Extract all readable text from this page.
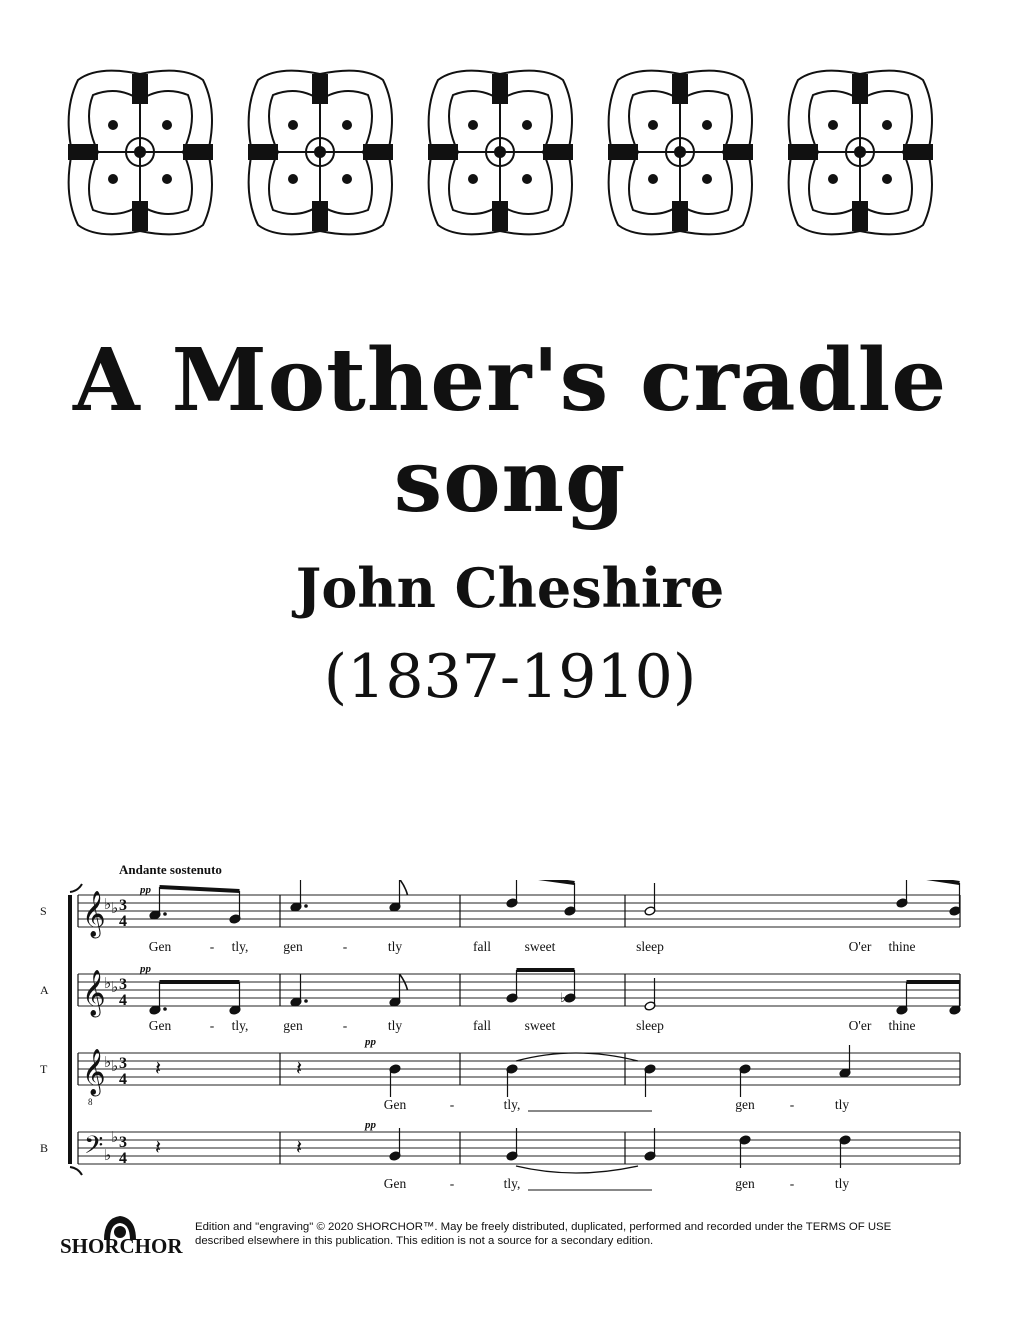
A Mother's cradle song
John Cheshire
(1837-1910)
Andante sostenuto
S 𝄞
♭ ♭ 3
4
A 𝄞
♭ ♭ 3
4
T 𝄞
8
♭ ♭ 3
4
B 𝄢 ♭
♭ 3
4
pp
pp
♭
𝄽	𝄽
pp
𝄽	𝄽
pp
Gen	- tly,	gen	-	tly	fall sweet	sleep	O'er thine
Gen	- tly,	gen	-	tly	fall sweet	sleep	O'er thine
Gen	-	tly,	gen	-	tly
Gen	-	tly,	gen	-	tly
SHORCHOR
Edition and "engraving" © 2020 SHORCHOR™. May be freely distributed, duplicated, performed and recorded under the TERMS OF USE
described elsewhere in this publication. This edition is not a source for a secondary edition.
